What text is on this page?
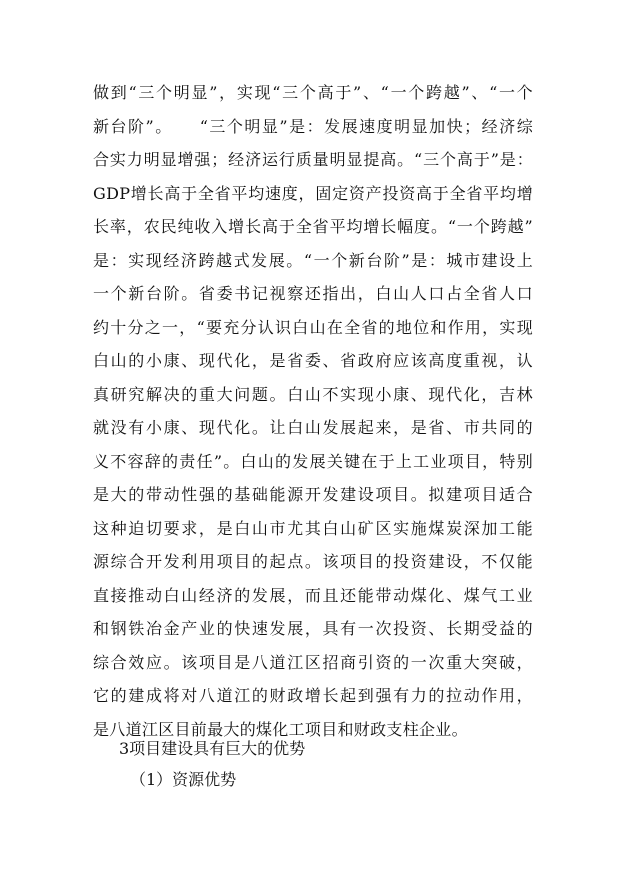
做到“三个明显”，实现“三个高于”、“一个跨越”、“一个
新台阶”。　　“三个明显”是：发展速度明显加快；经济综
合实力明显增强；经济运行质量明显提高。“三个高于”是：
GDP增长高于全省平均速度，固定资产投资高于全省平均增
长率，农民纯收入增长高于全省平均增长幅度。“一个跨越”
是：实现经济跨越式发展。“一个新台阶”是：城市建设上
一个新台阶。省委书记视察还指出，白山人口占全省人口
约十分之一，“要充分认识白山在全省的地位和作用，实现
白山的小康、现代化，是省委、省政府应该高度重视，认
真研究解决的重大问题。白山不实现小康、现代化，吉林
就没有小康、现代化。让白山发展起来，是省、市共同的
义不容辞的责任”。白山的发展关键在于上工业项目，特别
是大的带动性强的基础能源开发建设项目。拟建项目适合
这种迫切要求，是白山市尤其白山矿区实施煤炭深加工能
源综合开发利用项目的起点。该项目的投资建设，不仅能
直接推动白山经济的发展，而且还能带动煤化、煤气工业
和钢铁冶金产业的快速发展，具有一次投资、长期受益的
综合效应。该项目是八道江区招商引资的一次重大突破，
它的建成将对八道江的财政增长起到强有力的拉动作用，
是八道江区目前最大的煤化工项目和财政支柱企业。
3项目建设具有巨大的优势
（1）资源优势
